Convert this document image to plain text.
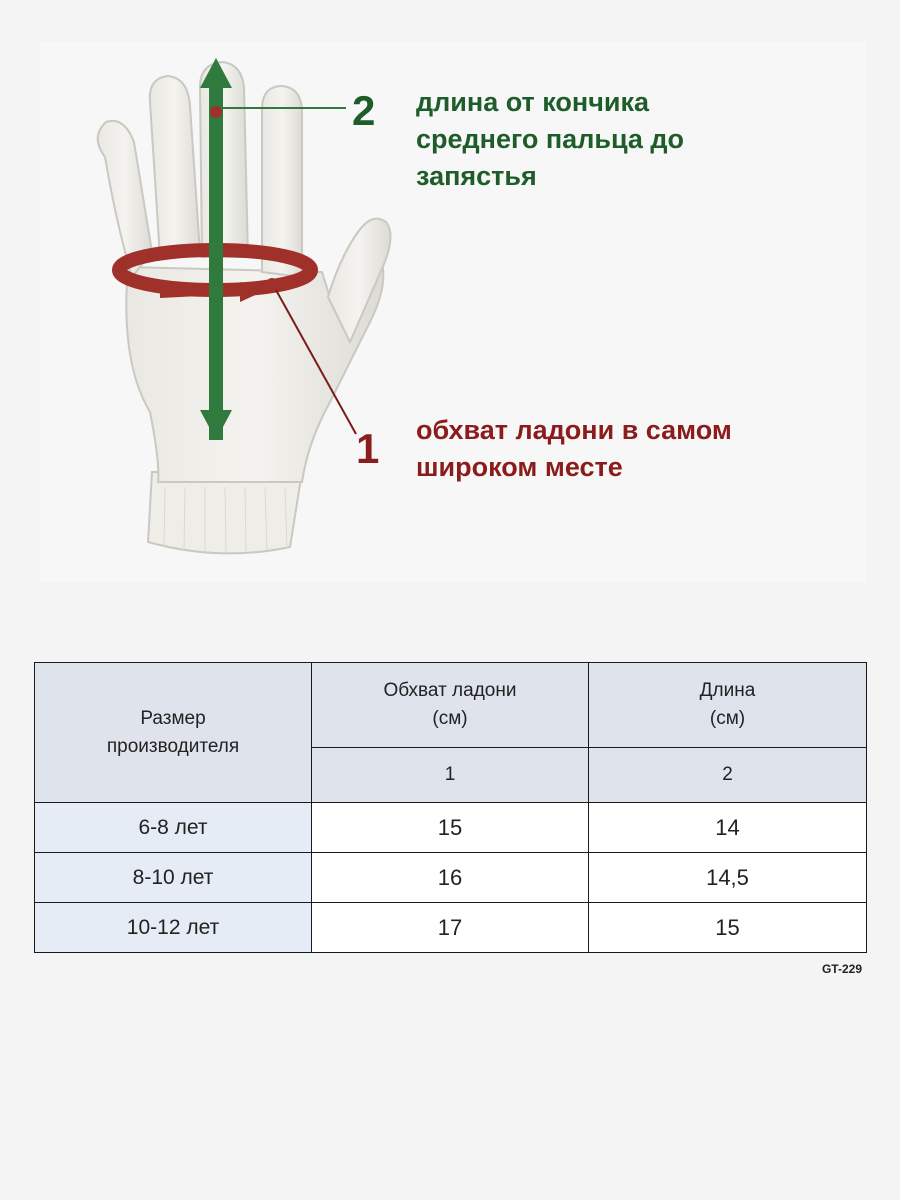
2 длина от кончика
среднего пальца до
запястья
1 обхват ладони в самом
широком месте
Размер производителя	Обхват ладони (см)	Длина (см)

	1	2
6-8 лет	15	14
8-10 лет	16	14,5
10-12 лет	17	15
GT-229
